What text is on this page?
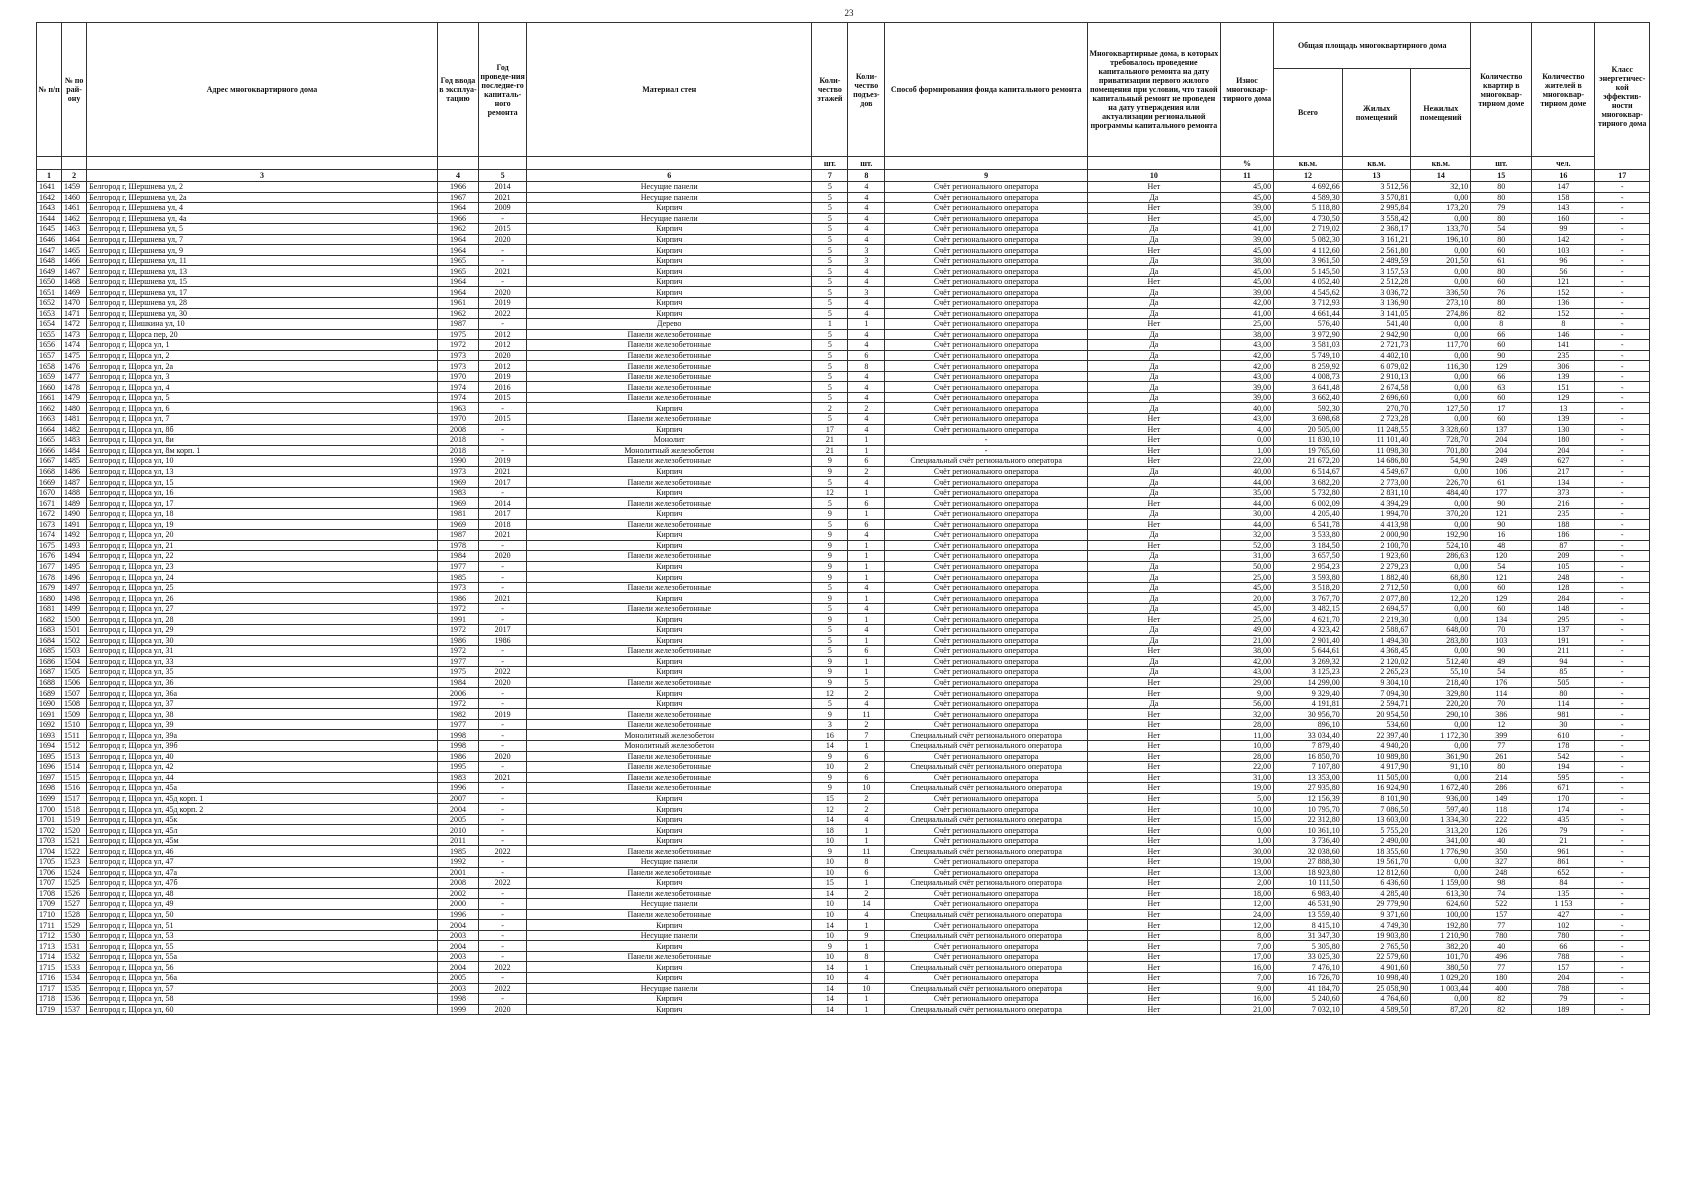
23
№ п/п	№ по рай-ону	Адрес многоквартирного дома	Год ввода в эксплуа-тацию	Год проведе-ния последне-го капиталь-ного ремонта	Материал стен	Коли-чество этажей	Коли-чество подъез-дов	Способ формирования фонда капитального ремонта	Многоквартирные дома, в которых требовалось проведение капитального ремонта на дату приватизации первого жилого помещения при условии, что такой капитальный ремонт не проведен на дату утверждения или актуализации региональной программы капитального ремонта	Износ многоквар-тирного дома	Общая площадь многоквартирного дома			Количество квартир в многоквар-тирном доме	Количество жителей в многоквар-тирном доме	Класс энергетичес-кой эффектив-ности многоквар-тирного дома
											Всего	Жилых помещений	Нежилых помещений			
						шт.	шт.			%	кв.м.	кв.м.	кв.м.	шт.	чел.	
1	2	3	4	5	6	7	8	9	10	11	12	13	14	15	16	17
1641	1459	Белгород г, Шершнева ул, 2	1966	2014	Несущие панели	5	4	Счёт регионального оператора	Нет	45,00	4 692,66	3 512,56	32,10	80	147	-
1642	1460	Белгород г, Шершнева ул, 2а	1967	2021	Несущие панели	5	4	Счёт регионального оператора	Да	45,00	4 589,30	3 570,81	0,00	80	158	-
1643	1461	Белгород г, Шершнева ул, 4	1964	2009	Кирпич	5	4	Счёт регионального оператора	Нет	39,00	5 118,80	2 995,84	173,20	79	143	-
1644	1462	Белгород г, Шершнева ул, 4а	1966	-	Несущие панели	5	4	Счёт регионального оператора	Нет	45,00	4 730,50	3 558,42	0,00	80	160	-
1645	1463	Белгород г, Шершнева ул, 5	1962	2015	Кирпич	5	4	Счёт регионального оператора	Да	41,00	2 719,02	2 368,17	133,70	54	99	-
1646	1464	Белгород г, Шершнева ул, 7	1964	2020	Кирпич	5	4	Счёт регионального оператора	Да	39,00	5 082,30	3 161,21	196,10	80	142	-
1647	1465	Белгород г, Шершнева ул, 9	1964	-	Кирпич	5	3	Счёт регионального оператора	Нет	45,00	4 112,60	2 561,80	0,00	60	103	-
1648	1466	Белгород г, Шершнева ул, 11	1965	-	Кирпич	5	3	Счёт регионального оператора	Да	38,00	3 961,50	2 489,59	201,50	61	96	-
1649	1467	Белгород г, Шершнева ул, 13	1965	2021	Кирпич	5	4	Счёт регионального оператора	Да	45,00	5 145,50	3 157,53	0,00	80	56	-
1650	1468	Белгород г, Шершнева ул, 15	1964	-	Кирпич	5	4	Счёт регионального оператора	Нет	45,00	4 052,40	2 512,28	0,00	60	121	-
1651	1469	Белгород г, Шершнева ул, 17	1964	2020	Кирпич	5	3	Счёт регионального оператора	Да	39,00	4 545,62	3 036,72	336,50	76	152	-
1652	1470	Белгород г, Шершнева ул, 28	1961	2019	Кирпич	5	4	Счёт регионального оператора	Да	42,00	3 712,93	3 136,90	273,10	80	136	-
1653	1471	Белгород г, Шершнева ул, 30	1962	2022	Кирпич	5	4	Счёт регионального оператора	Да	41,00	4 661,44	3 141,05	274,86	82	152	-
1654	1472	Белгород г, Шишкина ул, 10	1987	-	Дерево	1	1	Счёт регионального оператора	Нет	25,00	576,40	541,40	0,00	8	8	-
1655	1473	Белгород г, Щорса пер, 20	1975	2012	Панели железобетонные	5	4	Счёт регионального оператора	Да	38,00	3 972,90	2 942,90	0,00	66	146	-
1656	1474	Белгород г, Щорса ул, 1	1972	2012	Панели железобетонные	5	4	Счёт регионального оператора	Да	43,00	3 581,03	2 721,73	117,70	60	141	-
1657	1475	Белгород г, Щорса ул, 2	1973	2020	Панели железобетонные	5	6	Счёт регионального оператора	Да	42,00	5 749,10	4 402,10	0,00	90	235	-
1658	1476	Белгород г, Щорса ул, 2а	1973	2012	Панели железобетонные	5	8	Счёт регионального оператора	Да	42,00	8 259,92	6 079,02	116,30	129	306	-
1659	1477	Белгород г, Щорса ул, 3	1970	2019	Панели железобетонные	5	4	Счёт регионального оператора	Да	43,00	4 008,73	2 910,13	0,00	66	139	-
1660	1478	Белгород г, Щорса ул, 4	1974	2016	Панели железобетонные	5	4	Счёт регионального оператора	Да	39,00	3 641,48	2 674,58	0,00	63	151	-
1661	1479	Белгород г, Щорса ул, 5	1974	2015	Панели железобетонные	5	4	Счёт регионального оператора	Да	39,00	3 662,40	2 696,60	0,00	60	129	-
1662	1480	Белгород г, Щорса ул, 6	1963	-	Кирпич	2	2	Счёт регионального оператора	Да	40,00	592,30	270,70	127,50	17	13	-
1663	1481	Белгород г, Щорса ул, 7	1970	2015	Панели железобетонные	5	4	Счёт регионального оператора	Нет	43,00	3 698,68	2 723,28	0,00	60	139	-
1664	1482	Белгород г, Щорса ул, 8б	2008	-	Кирпич	17	4	Счёт регионального оператора	Нет	4,00	20 505,00	11 248,55	3 328,60	137	130	-
1665	1483	Белгород г, Щорса ул, 8и	2018	-	Монолит	21	1	-	Нет	0,00	11 830,10	11 101,40	728,70	204	180	-
1666	1484	Белгород г, Щорса ул, 8м корп. 1	2018	-	Монолитный железобетон	21	1	-	Нет	1,00	19 765,60	11 098,30	701,80	204	204	-
1667	1485	Белгород г, Щорса ул, 10	1990	2019	Панели железобетонные	9	6	Специальный счёт регионального оператора	Нет	22,00	21 672,20	14 686,80	54,90	249	627	-
1668	1486	Белгород г, Щорса ул, 13	1973	2021	Кирпич	9	2	Счёт регионального оператора	Да	40,00	6 514,67	4 549,67	0,00	106	217	-
1669	1487	Белгород г, Щорса ул, 15	1969	2017	Панели железобетонные	5	4	Счёт регионального оператора	Да	44,00	3 682,20	2 773,00	226,70	61	134	-
1670	1488	Белгород г, Щорса ул, 16	1983	-	Кирпич	12	1	Счёт регионального оператора	Да	35,00	5 732,80	2 831,10	484,40	177	373	-
1671	1489	Белгород г, Щорса ул, 17	1969	2014	Панели железобетонные	5	6	Счёт регионального оператора	Нет	44,00	6 002,09	4 394,29	0,00	90	216	-
1672	1490	Белгород г, Щорса ул, 18	1981	2017	Кирпич	9	1	Счёт регионального оператора	Да	30,00	4 205,40	1 994,70	370,20	121	235	-
1673	1491	Белгород г, Щорса ул, 19	1969	2018	Панели железобетонные	5	6	Счёт регионального оператора	Нет	44,00	6 541,78	4 413,98	0,00	90	188	-
1674	1492	Белгород г, Щорса ул, 20	1987	2021	Кирпич	9	4	Счёт регионального оператора	Да	32,00	3 533,80	2 000,90	192,90	16	186	-
1675	1493	Белгород г, Щорса ул, 21	1978	-	Кирпич	9	1	Счёт регионального оператора	Нет	52,00	3 184,50	2 100,70	524,10	48	87	-
1676	1494	Белгород г, Щорса ул, 22	1984	2020	Панели железобетонные	9	1	Счёт регионального оператора	Да	31,00	3 657,50	1 923,60	286,63	120	209	-
1677	1495	Белгород г, Щорса ул, 23	1977	-	Кирпич	9	1	Счёт регионального оператора	Да	50,00	2 954,23	2 279,23	0,00	54	105	-
1678	1496	Белгород г, Щорса ул, 24	1985	-	Кирпич	9	1	Счёт регионального оператора	Да	25,00	3 593,80	1 882,40	68,80	121	248	-
1679	1497	Белгород г, Щорса ул, 25	1973	-	Панели железобетонные	5	4	Счёт регионального оператора	Да	45,00	3 518,20	2 712,50	0,00	60	128	-
1680	1498	Белгород г, Щорса ул, 26	1986	2021	Кирпич	9	1	Счёт регионального оператора	Да	20,00	3 767,70	2 077,80	12,20	129	284	-
1681	1499	Белгород г, Щорса ул, 27	1972	-	Панели железобетонные	5	4	Счёт регионального оператора	Да	45,00	3 482,15	2 694,57	0,00	60	148	-
1682	1500	Белгород г, Щорса ул, 28	1991	-	Кирпич	9	1	Счёт регионального оператора	Нет	25,00	4 621,70	2 219,30	0,00	134	295	-
1683	1501	Белгород г, Щорса ул, 29	1972	2017	Кирпич	5	4	Счёт регионального оператора	Да	49,00	4 323,42	2 588,67	648,00	70	137	-
1684	1502	Белгород г, Щорса ул, 30	1986	1986	Кирпич	5	1	Счёт регионального оператора	Да	21,00	2 901,40	1 494,30	283,80	103	191	-
1685	1503	Белгород г, Щорса ул, 31	1972	-	Панели железобетонные	5	6	Счёт регионального оператора	Нет	38,00	5 644,61	4 368,45	0,00	90	211	-
1686	1504	Белгород г, Щорса ул, 33	1977	-	Кирпич	9	1	Счёт регионального оператора	Да	42,00	3 269,32	2 120,02	512,40	49	94	-
1687	1505	Белгород г, Щорса ул, 35	1975	2022	Кирпич	9	1	Счёт регионального оператора	Да	43,00	3 125,23	2 265,23	55,10	54	85	-
1688	1506	Белгород г, Щорса ул, 36	1984	2020	Панели железобетонные	9	5	Счёт регионального оператора	Нет	29,00	14 299,00	9 304,10	218,40	176	505	-
1689	1507	Белгород г, Щорса ул, 36а	2006	-	Кирпич	12	2	Счёт регионального оператора	Нет	9,00	9 329,40	7 094,30	329,80	114	80	-
1690	1508	Белгород г, Щорса ул, 37	1972	-	Кирпич	5	4	Счёт регионального оператора	Да	56,00	4 191,81	2 594,71	220,20	70	114	-
1691	1509	Белгород г, Щорса ул, 38	1982	2019	Панели железобетонные	9	11	Счёт регионального оператора	Нет	32,00	30 956,70	20 954,50	290,10	386	981	-
1692	1510	Белгород г, Щорса ул, 39	1977	-	Панели железобетонные	3	2	Счёт регионального оператора	Нет	28,00	896,10	534,60	0,00	12	30	-
1693	1511	Белгород г, Щорса ул, 39а	1998	-	Монолитный железобетон	16	7	Специальный счёт регионального оператора	Нет	11,00	33 034,40	22 397,40	1 172,30	399	610	-
1694	1512	Белгород г, Щорса ул, 39б	1998	-	Монолитный железобетон	14	1	Специальный счёт регионального оператора	Нет	10,00	7 879,40	4 940,20	0,00	77	178	-
1695	1513	Белгород г, Щорса ул, 40	1986	2020	Панели железобетонные	9	6	Счёт регионального оператора	Нет	28,00	16 850,70	10 989,80	361,90	261	542	-
1696	1514	Белгород г, Щорса ул, 42	1995	-	Панели железобетонные	10	2	Специальный счёт регионального оператора	Нет	22,00	7 107,80	4 917,90	91,10	80	194	-
1697	1515	Белгород г, Щорса ул, 44	1983	2021	Панели железобетонные	9	6	Счёт регионального оператора	Нет	31,00	13 353,00	11 505,00	0,00	214	595	-
1698	1516	Белгород г, Щорса ул, 45а	1996	-	Панели железобетонные	9	10	Специальный счёт регионального оператора	Нет	19,00	27 935,80	16 924,90	1 672,40	286	671	-
1699	1517	Белгород г, Щорса ул, 45д корп. 1	2007	-	Кирпич	15	2	Счёт регионального оператора	Нет	5,00	12 156,39	8 101,90	936,00	149	170	-
1700	1518	Белгород г, Щорса ул, 45д корп. 2	2004	-	Кирпич	12	2	Счёт регионального оператора	Нет	10,00	10 795,70	7 086,50	597,40	118	174	-
1701	1519	Белгород г, Щорса ул, 45к	2005	-	Кирпич	14	4	Специальный счёт регионального оператора	Нет	15,00	22 312,80	13 603,00	1 334,30	222	435	-
1702	1520	Белгород г, Щорса ул, 45л	2010	-	Кирпич	18	1	Счёт регионального оператора	Нет	0,00	10 361,10	5 755,20	313,20	126	79	-
1703	1521	Белгород г, Щорса ул, 45м	2011	-	Кирпич	10	1	Счёт регионального оператора	Нет	1,00	3 736,40	2 490,00	341,00	40	21	-
1704	1522	Белгород г, Щорса ул, 46	1985	2022	Панели железобетонные	9	11	Специальный счёт регионального оператора	Нет	30,00	32 038,60	18 355,60	1 776,90	350	961	-
1705	1523	Белгород г, Щорса ул, 47	1992	-	Несущие панели	10	8	Счёт регионального оператора	Нет	19,00	27 888,30	19 561,70	0,00	327	861	-
1706	1524	Белгород г, Щорса ул, 47а	2001	-	Панели железобетонные	10	6	Счёт регионального оператора	Нет	13,00	18 923,80	12 812,60	0,00	248	652	-
1707	1525	Белгород г, Щорса ул, 47б	2008	2022	Кирпич	15	1	Специальный счёт регионального оператора	Нет	2,00	10 111,50	6 436,60	1 159,00	98	84	-
1708	1526	Белгород г, Щорса ул, 48	2002	-	Панели железобетонные	14	2	Счёт регионального оператора	Нет	18,00	6 983,40	4 285,40	613,30	74	135	-
1709	1527	Белгород г, Щорса ул, 49	2000	-	Несущие панели	10	14	Счёт регионального оператора	Нет	12,00	46 531,90	29 779,90	624,60	522	1 153	-
1710	1528	Белгород г, Щорса ул, 50	1996	-	Панели железобетонные	10	4	Специальный счёт регионального оператора	Нет	24,00	13 559,40	9 371,60	100,00	157	427	-
1711	1529	Белгород г, Щорса ул, 51	2004	-	Кирпич	14	1	Счёт регионального оператора	Нет	12,00	8 415,10	4 749,30	192,80	77	102	-
1712	1530	Белгород г, Щорса ул, 53	2003	-	Несущие панели	10	9	Специальный счёт регионального оператора	Нет	8,00	31 347,30	19 903,80	1 210,90	780	780	-
1713	1531	Белгород г, Щорса ул, 55	2004	-	Кирпич	9	1	Счёт регионального оператора	Нет	7,00	5 305,80	2 765,50	382,20	40	66	-
1714	1532	Белгород г, Щорса ул, 55а	2003	-	Панели железобетонные	10	8	Счёт регионального оператора	Нет	17,00	33 025,30	22 579,60	101,70	496	788	-
1715	1533	Белгород г, Щорса ул, 56	2004	2022	Кирпич	14	1	Специальный счёт регионального оператора	Нет	16,00	7 476,10	4 901,60	380,50	77	157	-
1716	1534	Белгород г, Щорса ул, 56а	2005	-	Кирпич	10	4	Счёт регионального оператора	Нет	7,00	16 726,70	10 998,40	1 029,20	180	204	-
1717	1535	Белгород г, Щорса ул, 57	2003	2022	Несущие панели	14	10	Специальный счёт регионального оператора	Нет	9,00	41 184,70	25 058,90	1 003,44	400	788	-
1718	1536	Белгород г, Щорса ул, 58	1998	-	Кирпич	14	1	Счёт регионального оператора	Нет	16,00	5 240,60	4 764,60	0,00	82	79	-
1719	1537	Белгород г, Щорса ул, 60	1999	2020	Кирпич	14	1	Специальный счёт регионального оператора	Нет	21,00	7 032,10	4 589,50	87,20	82	189	-
